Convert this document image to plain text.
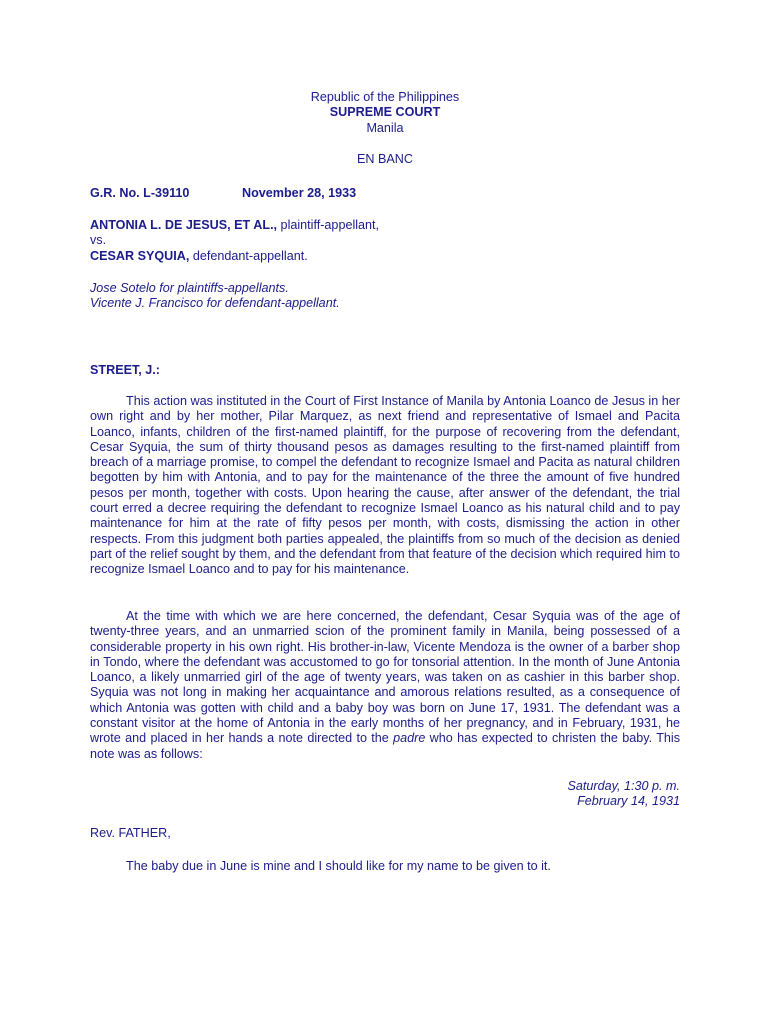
Republic of the Philippines
SUPREME COURT
Manila
EN BANC
G.R. No. L-39110	November 28, 1933
ANTONIA L. DE JESUS, ET AL., plaintiff-appellant,
vs.
CESAR SYQUIA, defendant-appellant.
Jose Sotelo for plaintiffs-appellants.
Vicente J. Francisco for defendant-appellant.
STREET, J.:

This action was instituted in the Court of First Instance of Manila by Antonia Loanco de Jesus in her own right and by her mother, Pilar Marquez, as next friend and representative of Ismael and Pacita Loanco, infants, children of the first-named plaintiff, for the purpose of recovering from the defendant, Cesar Syquia, the sum of thirty thousand pesos as damages resulting to the first-named plaintiff from breach of a marriage promise, to compel the defendant to recognize Ismael and Pacita as natural children begotten by him with Antonia, and to pay for the maintenance of the three the amount of five hundred pesos per month, together with costs. Upon hearing the cause, after answer of the defendant, the trial court erred a decree requiring the defendant to recognize Ismael Loanco as his natural child and to pay maintenance for him at the rate of fifty pesos per month, with costs, dismissing the action in other respects. From this judgment both parties appealed, the plaintiffs from so much of the decision as denied part of the relief sought by them, and the defendant from that feature of the decision which required him to recognize Ismael Loanco and to pay for his maintenance.

At the time with which we are here concerned, the defendant, Cesar Syquia was of the age of twenty-three years, and an unmarried scion of the prominent family in Manila, being possessed of a considerable property in his own right. His brother-in-law, Vicente Mendoza is the owner of a barber shop in Tondo, where the defendant was accustomed to go for tonsorial attention. In the month of June Antonia Loanco, a likely unmarried girl of the age of twenty years, was taken on as cashier in this barber shop. Syquia was not long in making her acquaintance and amorous relations resulted, as a consequence of which Antonia was gotten with child and a baby boy was born on June 17, 1931. The defendant was a constant visitor at the home of Antonia in the early months of her pregnancy, and in February, 1931, he wrote and placed in her hands a note directed to the padre who has expected to christen the baby. This note was as follows:

Saturday, 1:30 p. m.
February 14, 1931
Rev. FATHER,

The baby due in June is mine and I should like for my name to be given to it.
